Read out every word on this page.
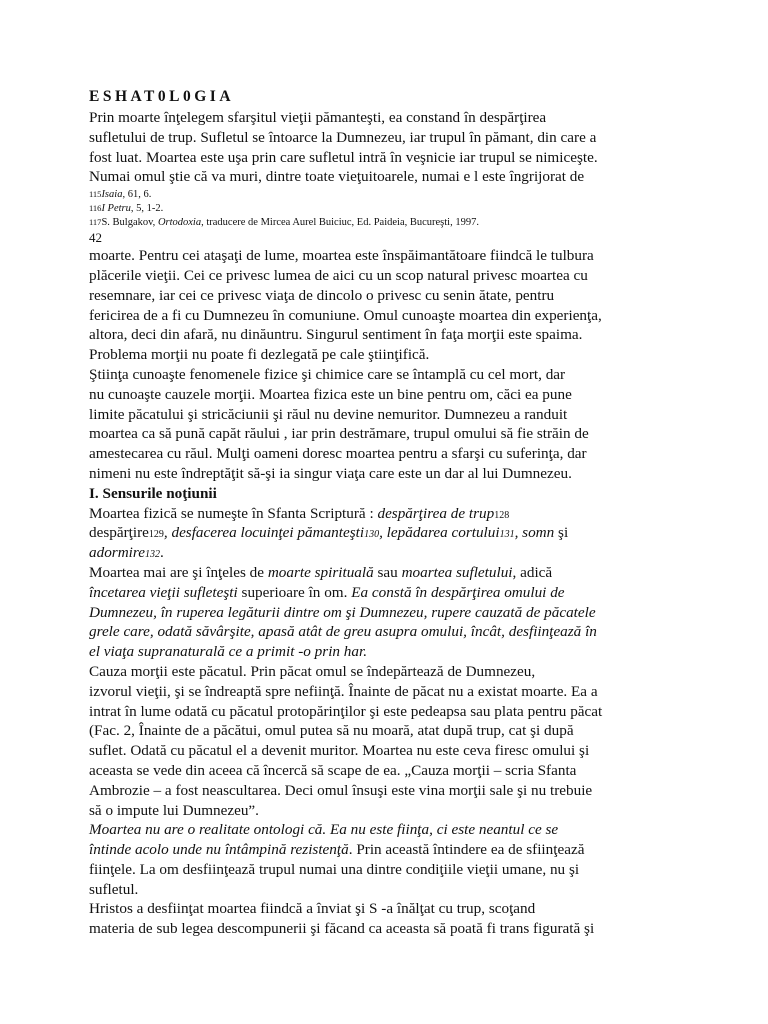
ESHAT0L0GIA
Prin moarte înţelegem sfarşitul vieţii pămanteşti, ea constand în despărţirea
sufletului de trup. Sufletul se întoarce la Dumnezeu, iar trupul în pămant, din care a
fost luat. Moartea este uşa prin care sufletul intră în veşnicie iar trupul se nimiceşte.
Numai omul ştie că va muri, dintre toate vieţuitoarele, numai e l este îngrijorat de
115Isaia, 61, 6.
116I Petru, 5, 1-2.
117S. Bulgakov, Ortodoxia, traducere de Mircea Aurel Buiciuc, Ed. Paideia, Bucureşti, 1997.
42
moarte. Pentru cei ataşaţi de lume, moartea este înspăimantătoare fiindcă le tulbura
plăcerile vieţii. Cei ce privesc lumea de aici cu un scop natural privesc moartea cu
resemnare, iar cei ce privesc viaţa de dincolo o privesc cu senin ătate, pentru
fericirea de a fi cu Dumnezeu în comuniune. Omul cunoaşte moartea din experienţa,
altora, deci din afară, nu dinăuntru. Singurul sentiment în faţa morţii este spaima.
Problema morţii nu poate fi dezlegată pe cale ştiinţifică.
Ştiinţa cunoaşte fenomenele fizice şi chimice care se întamplă cu cel mort, dar
nu cunoaşte cauzele morţii. Moartea fizica este un bine pentru om, căci ea pune
limite păcatului şi stricăciunii şi răul nu devine nemuritor. Dumnezeu a randuit
moartea ca să pună capăt răului , iar prin destrămare, trupul omului să fie străin de
amestecarea cu răul. Mulţi oameni doresc moartea pentru a sfarşi cu suferinţa, dar
nimeni nu este îndreptăţit să-şi ia singur viaţa care este un dar al lui Dumnezeu.
I. Sensurile noţiunii
Moartea fizică se numeşte în Sfanta Scriptură : despărţirea de trup128
despărţire129, desfacerea locuinţei pămanteşti130, lepădarea cortului131, somn şi
adormire132.
Moartea mai are şi înţeles de moarte spirituală sau moartea sufletului, adică
încetarea vieţii sufleteşti superioare în om. Ea constă în despărţirea omului de
Dumnezeu, în ruperea legăturii dintre om şi Dumnezeu, rupere cauzată de păcatele
grele care, odată săvârşite, apasă atât de greu asupra omului, încât, desfiinţează în
el viaţa supranaturală ce a primit -o prin har.
Cauza morţii este păcatul. Prin păcat omul se îndepărtează de Dumnezeu,
izvorul vieţii, şi se îndreaptă spre nefiinţă. Înainte de păcat nu a existat moarte. Ea a
intrat în lume odată cu păcatul protopărinţilor şi este pedeapsa sau plata pentru păcat
(Fac. 2, Înainte de a păcătui, omul putea să nu moară, atat după trup, cat şi după
suflet. Odată cu păcatul el a devenit muritor. Moartea nu este ceva firesc omului şi
aceasta se vede din aceea că încercă să scape de ea. „Cauza morţii – scria Sfanta
Ambrozie – a fost neascultarea. Deci omul însuşi este vina morţii sale şi nu trebuie
să o impute lui Dumnezeu”.
Moartea nu are o realitate ontologi că. Ea nu este fiinţa, ci este neantul ce se
întinde acolo unde nu întâmpină rezistenţă. Prin această întindere ea de sfiinţează
fiinţele. La om desfiinţează trupul numai una dintre condiţiile vieţii umane, nu şi
sufletul.
Hristos a desfiinţat moartea fiindcă a înviat şi S -a înălţat cu trup, scoţand
materia de sub legea descompunerii şi făcand ca aceasta să poată fi trans figurată şi
